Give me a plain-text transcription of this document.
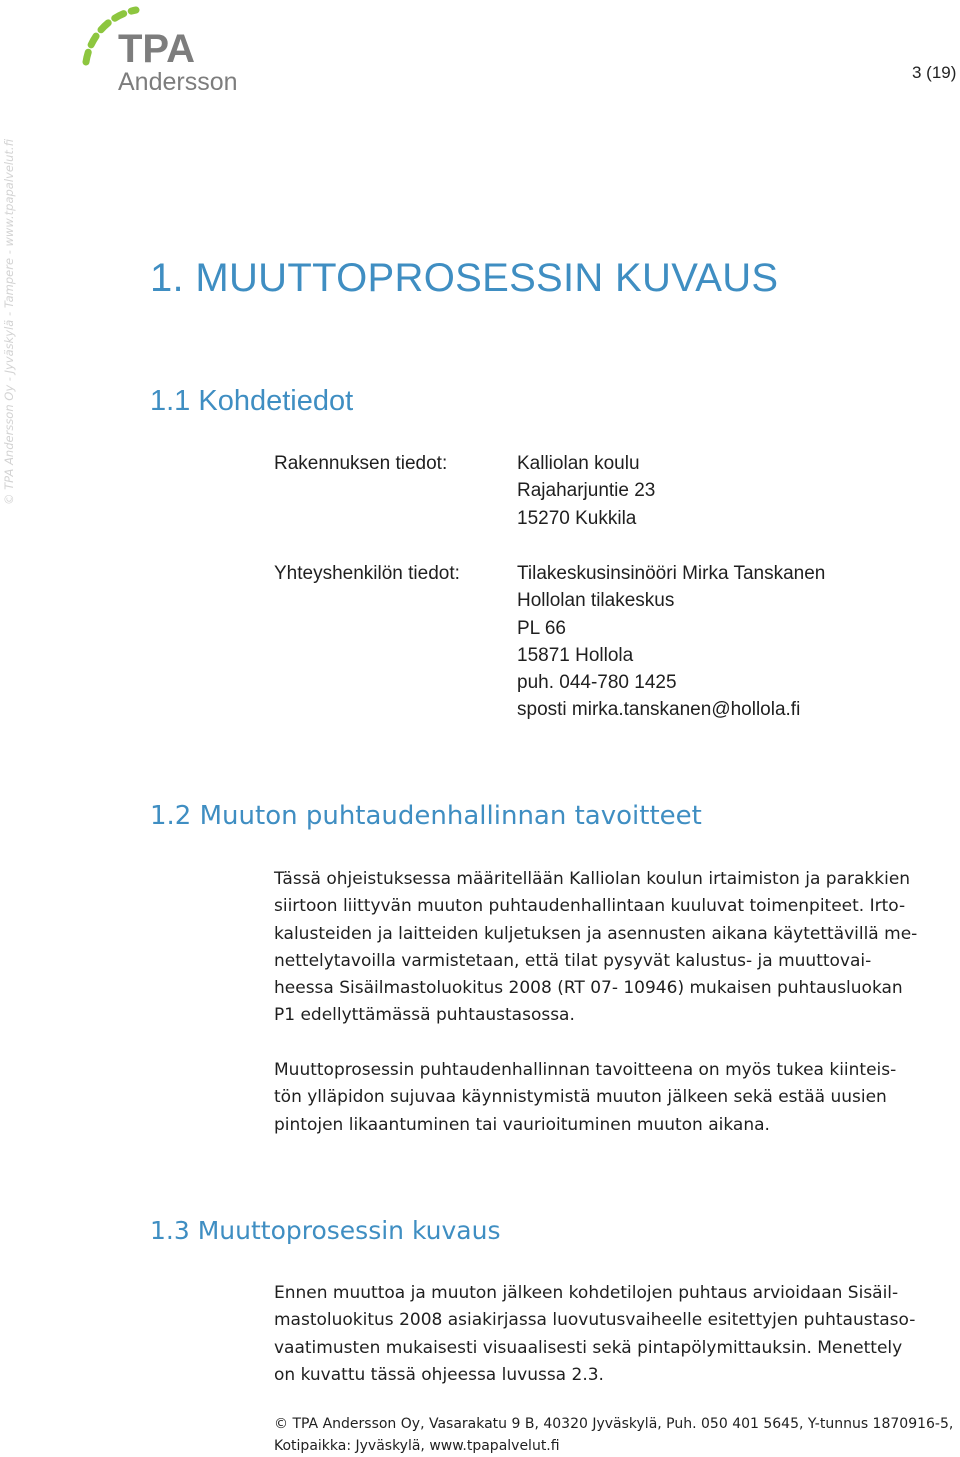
TPA
Andersson	3 (19)
© TPA Andersson Oy - Jyväskylä - Tampere - www.tpapalvelut.fi	1. MUUTTOPROSESSIN KUVAUS
1.1 Kohdetiedot
Rakennuksen tiedot:	Kalliolan koulu
Rajaharjuntie 23
15270 Kukkila
Yhteyshenkilön tiedot:	Tilakeskusinsinööri Mirka Tanskanen
Hollolan tilakeskus
PL 66
15871 Hollola
puh. 044-780 1425
sposti mirka.tanskanen@hollola.fi
1.2 Muuton puhtaudenhallinnan tavoitteet
Tässä ohjeistuksessa määritellään Kalliolan koulun irtaimiston ja parakkien
siirtoon liittyvän muuton puhtaudenhallintaan kuuluvat toimenpiteet. Irto-
kalusteiden ja laitteiden kuljetuksen ja asennusten aikana käytettävillä me-
nettelytavoilla varmistetaan, että tilat pysyvät kalustus- ja muuttovai-
heessa Sisäilmastoluokitus 2008 (RT 07- 10946) mukaisen puhtausluokan
P1 edellyttämässä puhtaustasossa.
Muuttoprosessin puhtaudenhallinnan tavoitteena on myös tukea kiinteis-
tön ylläpidon sujuvaa käynnistymistä muuton jälkeen sekä estää uusien
pintojen likaantuminen tai vaurioituminen muuton aikana.
1.3 Muuttoprosessin kuvaus
Ennen muuttoa ja muuton jälkeen kohdetilojen puhtaus arvioidaan Sisäil-
mastoluokitus 2008 asiakirjassa luovutusvaiheelle esitettyjen puhtaustaso-
vaatimusten mukaisesti visuaalisesti sekä pintapölymittauksin. Menettely
on kuvattu tässä ohjeessa luvussa 2.3.
© TPA Andersson Oy, Vasarakatu 9 B, 40320 Jyväskylä, Puh. 050 401 5645, Y-tunnus 1870916-5,
Kotipaikka: Jyväskylä, www.tpapalvelut.fi
